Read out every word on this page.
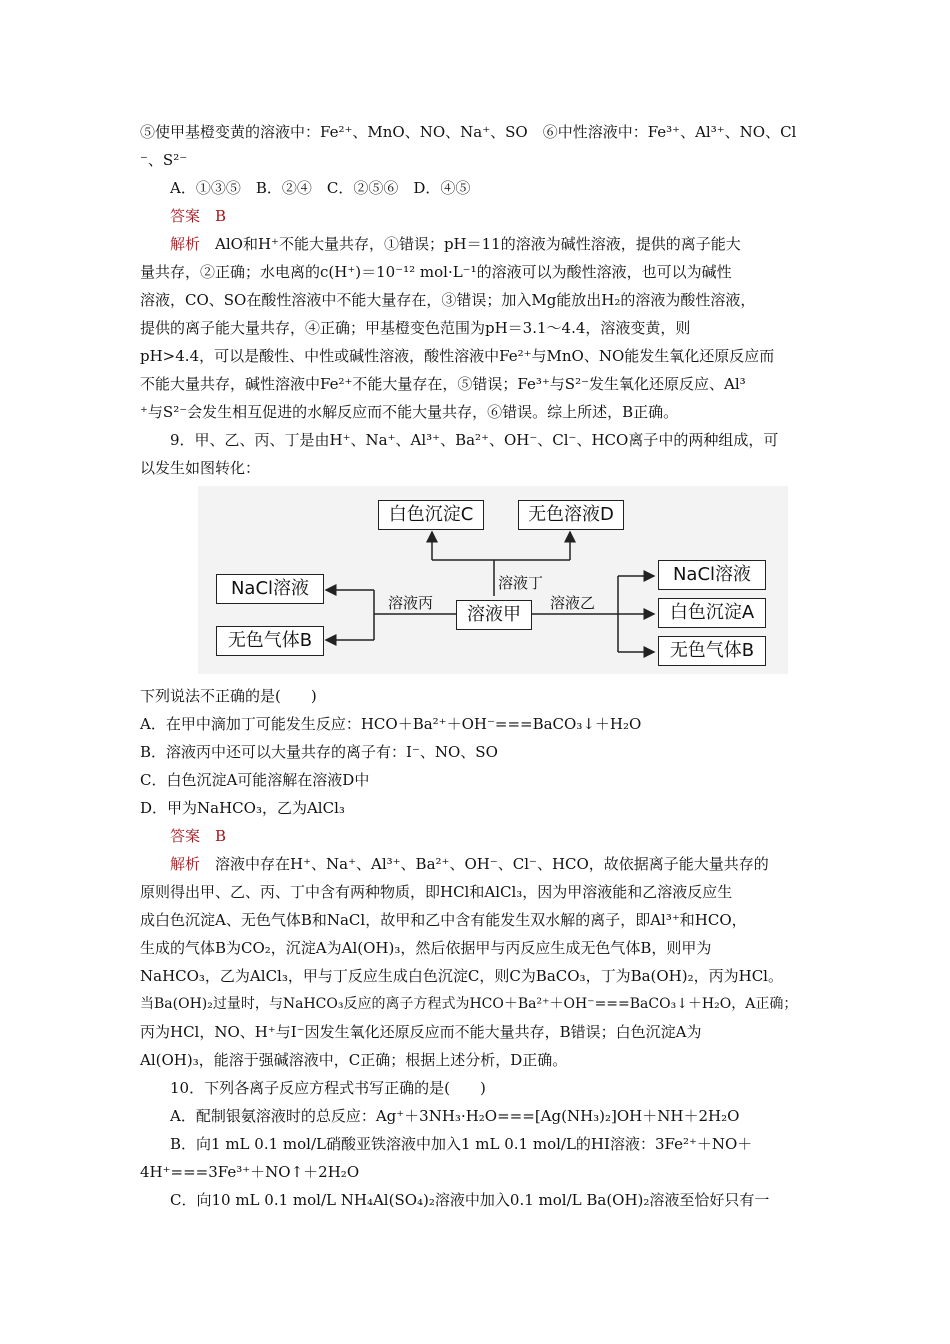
⑤使甲基橙变黄的溶液中：Fe²⁺、MnO、NO、Na⁺、SO　⑥中性溶液中：Fe³⁺、Al³⁺、NO、Cl
⁻、S²⁻
A．①③⑤　B．②④　C．②⑤⑥　D．④⑤
答案　B
解析　AlO和H⁺不能大量共存，①错误；pH＝11的溶液为碱性溶液，提供的离子能大
量共存，②正确；水电离的c(H⁺)＝10⁻¹² mol·L⁻¹的溶液可以为酸性溶液，也可以为碱性
溶液，CO、SO在酸性溶液中不能大量存在，③错误；加入Mg能放出H₂的溶液为酸性溶液，
提供的离子能大量共存，④正确；甲基橙变色范围为pH＝3.1～4.4，溶液变黄，则
pH>4.4，可以是酸性、中性或碱性溶液，酸性溶液中Fe²⁺与MnO、NO能发生氧化还原反应而
不能大量共存，碱性溶液中Fe²⁺不能大量存在，⑤错误；Fe³⁺与S²⁻发生氧化还原反应、Al³
⁺与S²⁻会发生相互促进的水解反应而不能大量共存，⑥错误。综上所述，B正确。
9．甲、乙、丙、丁是由H⁺、Na⁺、Al³⁺、Ba²⁺、OH⁻、Cl⁻、HCO离子中的两种组成，可
以发生如图转化：
白色沉淀C	无色溶液D
NaCl溶液
无色气体B
溶液甲
NaCl溶液
白色沉淀A
无色气体B
溶液丁
溶液丙	溶液乙
下列说法不正确的是(　　)
A．在甲中滴加丁可能发生反应：HCO＋Ba²⁺＋OH⁻===BaCO₃↓＋H₂O
B．溶液丙中还可以大量共存的离子有：I⁻、NO、SO
C．白色沉淀A可能溶解在溶液D中
D．甲为NaHCO₃，乙为AlCl₃
答案　B
解析　溶液中存在H⁺、Na⁺、Al³⁺、Ba²⁺、OH⁻、Cl⁻、HCO，故依据离子能大量共存的
原则得出甲、乙、丙、丁中含有两种物质，即HCl和AlCl₃，因为甲溶液能和乙溶液反应生
成白色沉淀A、无色气体B和NaCl，故甲和乙中含有能发生双水解的离子，即Al³⁺和HCO，
生成的气体B为CO₂，沉淀A为Al(OH)₃，然后依据甲与丙反应生成无色气体B，则甲为
NaHCO₃，乙为AlCl₃，甲与丁反应生成白色沉淀C，则C为BaCO₃，丁为Ba(OH)₂，丙为HCl。
当Ba(OH)₂过量时，与NaHCO₃反应的离子方程式为HCO＋Ba²⁺＋OH⁻===BaCO₃↓＋H₂O，A正确；
丙为HCl，NO、H⁺与I⁻因发生氧化还原反应而不能大量共存，B错误；白色沉淀A为
Al(OH)₃，能溶于强碱溶液中，C正确；根据上述分析，D正确。
10．下列各离子反应方程式书写正确的是(　　)
A．配制银氨溶液时的总反应：Ag⁺＋3NH₃·H₂O===[Ag(NH₃)₂]OH＋NH＋2H₂O
B．向1 mL 0.1 mol/L硝酸亚铁溶液中加入1 mL 0.1 mol/L的HI溶液：3Fe²⁺＋NO＋
4H⁺===3Fe³⁺＋NO↑＋2H₂O
C．向10 mL 0.1 mol/L NH₄Al(SO₄)₂溶液中加入0.1 mol/L Ba(OH)₂溶液至恰好只有一
